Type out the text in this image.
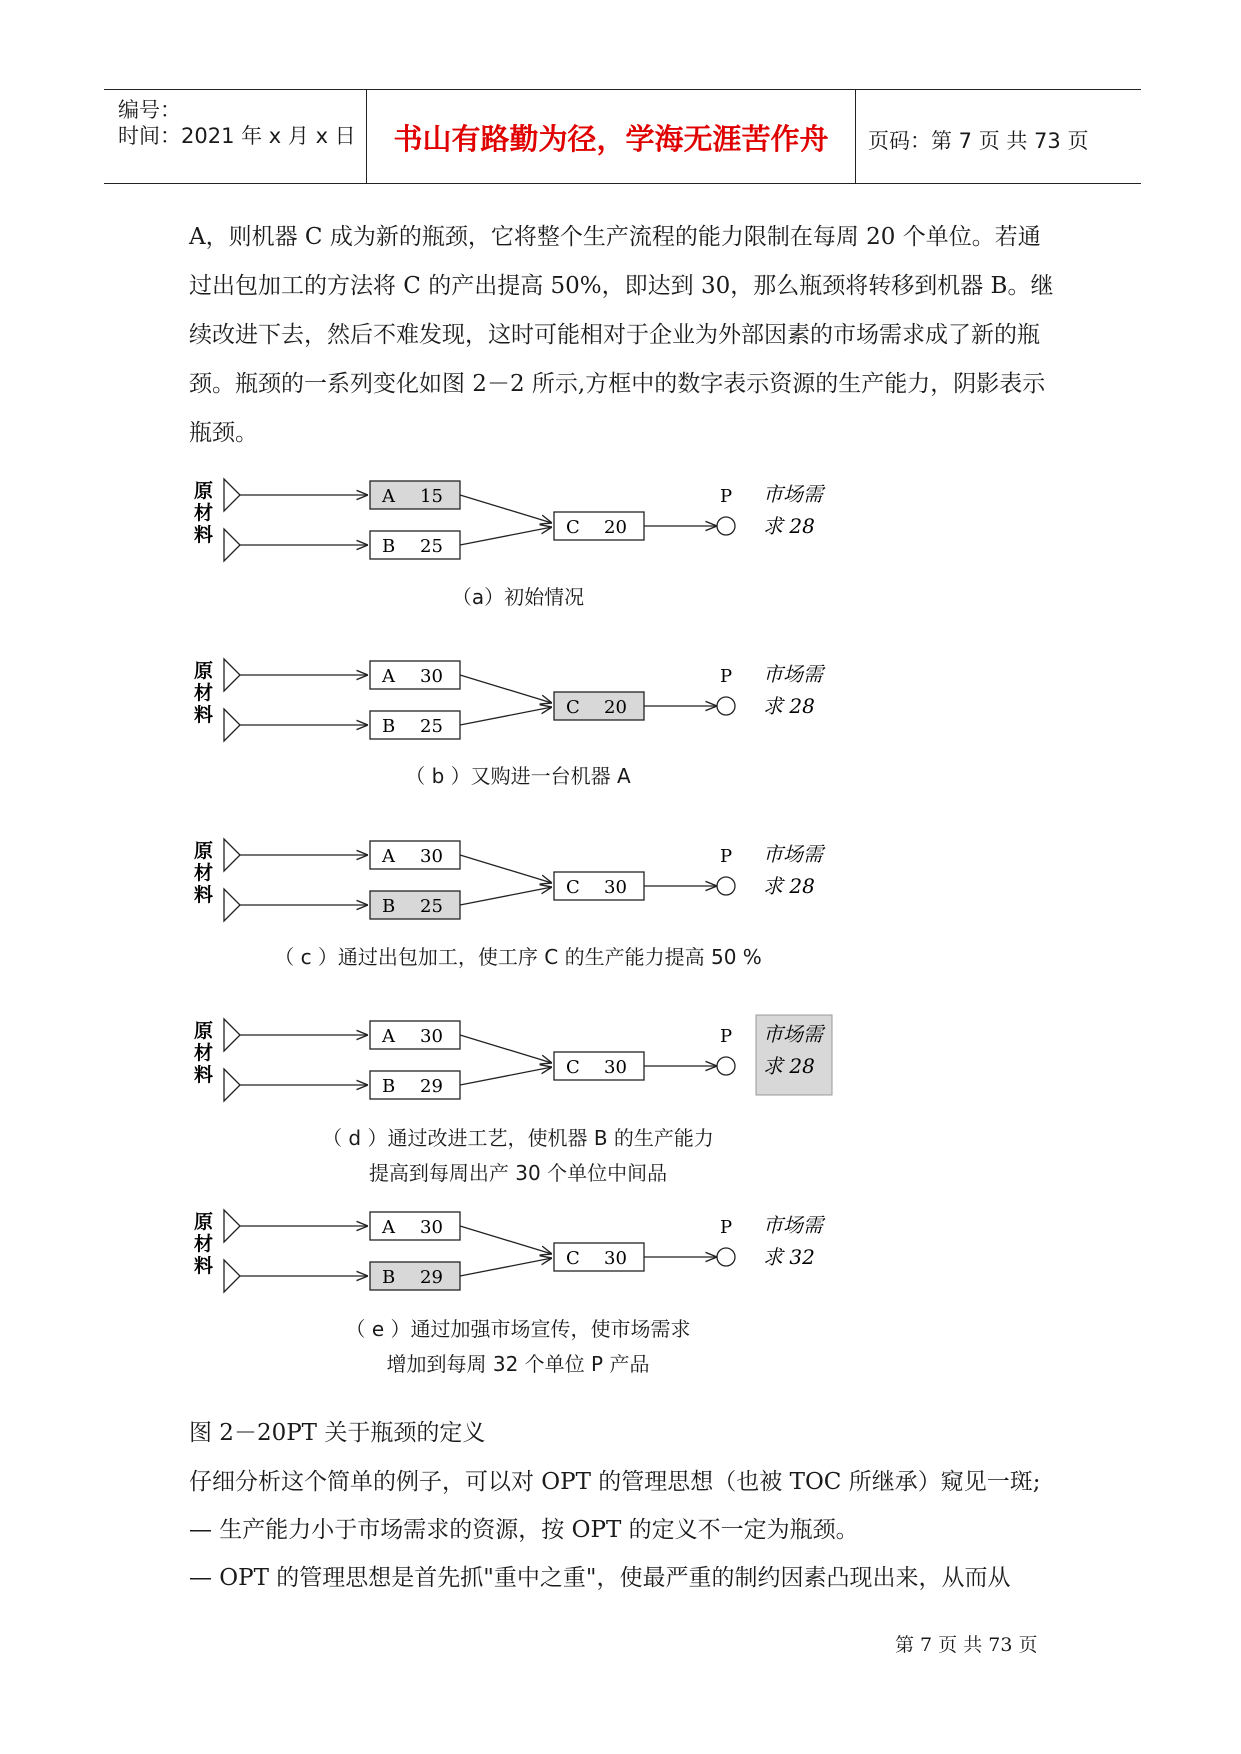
编号：
时间：2021 年 x 月 x 日	书山有路勤为径，学海无涯苦作舟	页码：第 7 页 共 73 页

A，则机器 C 成为新的瓶颈，它将整个生产流程的能力限制在每周 20 个单位。若通过出包加工的方法将 C 的产出提高 50%，即达到 30，那么瓶颈将转移到机器 B。继续改进下去，然后不难发现，这时可能相对于企业为外部因素的市场需求成了新的瓶颈。瓶颈的一系列变化如图 2－2 所示,方框中的数字表示资源的生产能力，阴影表示瓶颈。

原
材
料
A 15
B 25
C 20
P 市场需
求 28
（a）初始情况
原
材
料
A 30
B 25
C 20
P 市场需
求 28
（ b ）又购进一台机器 A
原
材
料
A 30
B 25
C 30
P 市场需
求 28
（ c ）通过出包加工，使工序 C 的生产能力提高 50 %
原
材
料
A 30
B 29
C 30
P 市场需
求 28
（ d ）通过改进工艺，使机器 B 的生产能力
提高到每周出产 30 个单位中间品
原
材
料
A 30
B 29
C 30
P 市场需
求 32
（ e ）通过加强市场宣传，使市场需求
增加到每周 32 个单位 P 产品
图 2－20PT 关于瓶颈的定义
仔细分析这个简单的例子，可以对 OPT 的管理思想（也被 TOC 所继承）窥见一斑;
— 生产能力小于市场需求的资源，按 OPT 的定义不一定为瓶颈。
— OPT 的管理思想是首先抓"重中之重"，使最严重的制约因素凸现出来，从而从
第 7 页 共 73 页
